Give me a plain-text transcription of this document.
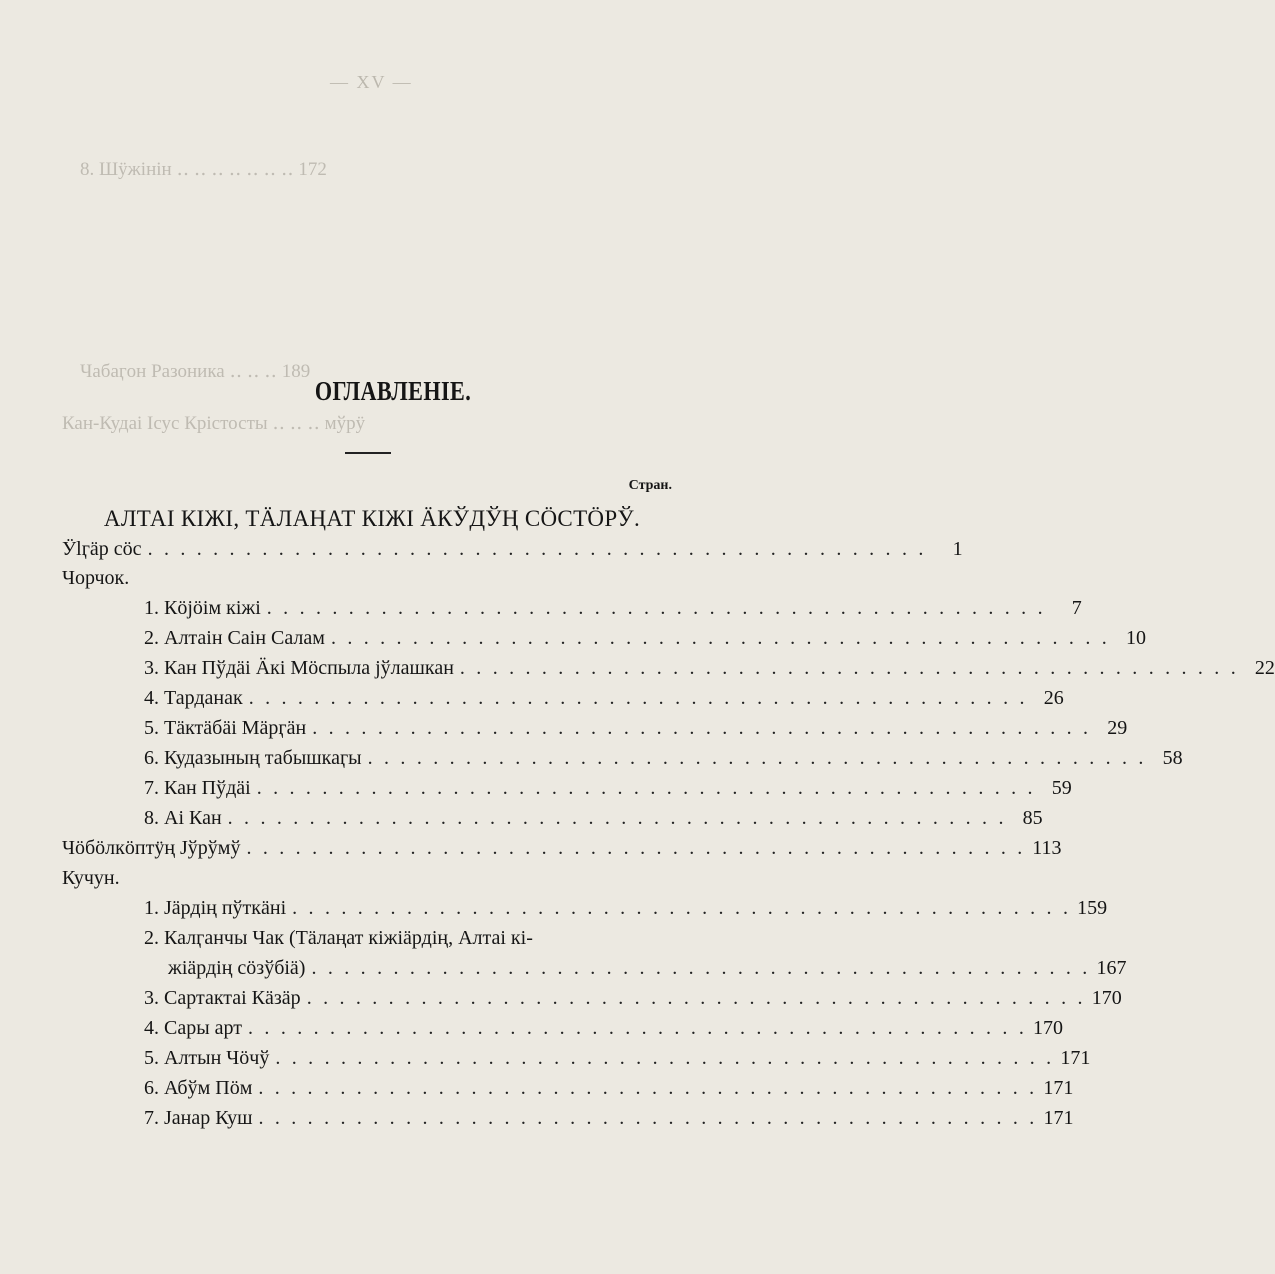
8. Шӱжінін ‥ ‥ ‥ ‥ ‥ ‥ ‥ 172
Чабаӷон Разоника ‥ ‥ ‥ 189
Кан-Кудаі Ісус Крістосты ‥ ‥ ‥ мўрӱ
— XV —
ОГЛАВЛЕНІЕ.
Стран.
АЛТАІ КІЖІ, ТÄЛАҢАТ КІЖІ ÄКЎДЎҢ СÖСТÖРЎ.
Ӱlӷӓр сöс . . . . . . . . . . . . . . . . . . . . . . . . . . . . . . . . . . . . . . . . . . . . . . . .	1
Чорчок.
1. Кöјӧім кіжі . . . . . . . . . . . . . . . . . . . . . . . . . . . . . . . . . . . . . . . . . . . . . . . .	7
2. Алтаін Саін Салам . . . . . . . . . . . . . . . . . . . . . . . . . . . . . . . . . . . . . . . . . . . . . . . . 10
3. Кан Пўдӓі Ӓкі Мöспыла јўлашкан . . . . . . . . . . . . . . . . . . . . . . . . . . . . . . . . . . . . . . . . . . . . . . . . 22
4. Тарданак . . . . . . . . . . . . . . . . . . . . . . . . . . . . . . . . . . . . . . . . . . . . . . . . 26
5. Тӓктӓбӓі Мӓрӷӓн . . . . . . . . . . . . . . . . . . . . . . . . . . . . . . . . . . . . . . . . . . . . . . . . 29
6. Кудазының табышкаӷы . . . . . . . . . . . . . . . . . . . . . . . . . . . . . . . . . . . . . . . . . . . . . . . . 58
7. Кан Пўдӓі . . . . . . . . . . . . . . . . . . . . . . . . . . . . . . . . . . . . . . . . . . . . . . . . 59
8. Аі Кан . . . . . . . . . . . . . . . . . . . . . . . . . . . . . . . . . . . . . . . . . . . . . . . . 85
Чöбöлкöптӱң Јўрўмў . . . . . . . . . . . . . . . . . . . . . . . . . . . . . . . . . . . . . . . . . . . . . . . . 113
Кучун.
1. Јӓрдің пўткӓні . . . . . . . . . . . . . . . . . . . . . . . . . . . . . . . . . . . . . . . . . . . . . . . . 159
2. Калӷанчы Чак (Тӓлаңат кіжіӓрдің, Алтаі кі-
жіӓрдің сöзўбіӓ) . . . . . . . . . . . . . . . . . . . . . . . . . . . . . . . . . . . . . . . . . . . . . . . . 167
3. Сартактаі Кӓзӓр . . . . . . . . . . . . . . . . . . . . . . . . . . . . . . . . . . . . . . . . . . . . . . . . 170
4. Сары арт . . . . . . . . . . . . . . . . . . . . . . . . . . . . . . . . . . . . . . . . . . . . . . . . 170
5. Алтын Чöчў . . . . . . . . . . . . . . . . . . . . . . . . . . . . . . . . . . . . . . . . . . . . . . . . 171
6. Абўм Пöм . . . . . . . . . . . . . . . . . . . . . . . . . . . . . . . . . . . . . . . . . . . . . . . . 171
7. Јанар Куш . . . . . . . . . . . . . . . . . . . . . . . . . . . . . . . . . . . . . . . . . . . . . . . . 171
